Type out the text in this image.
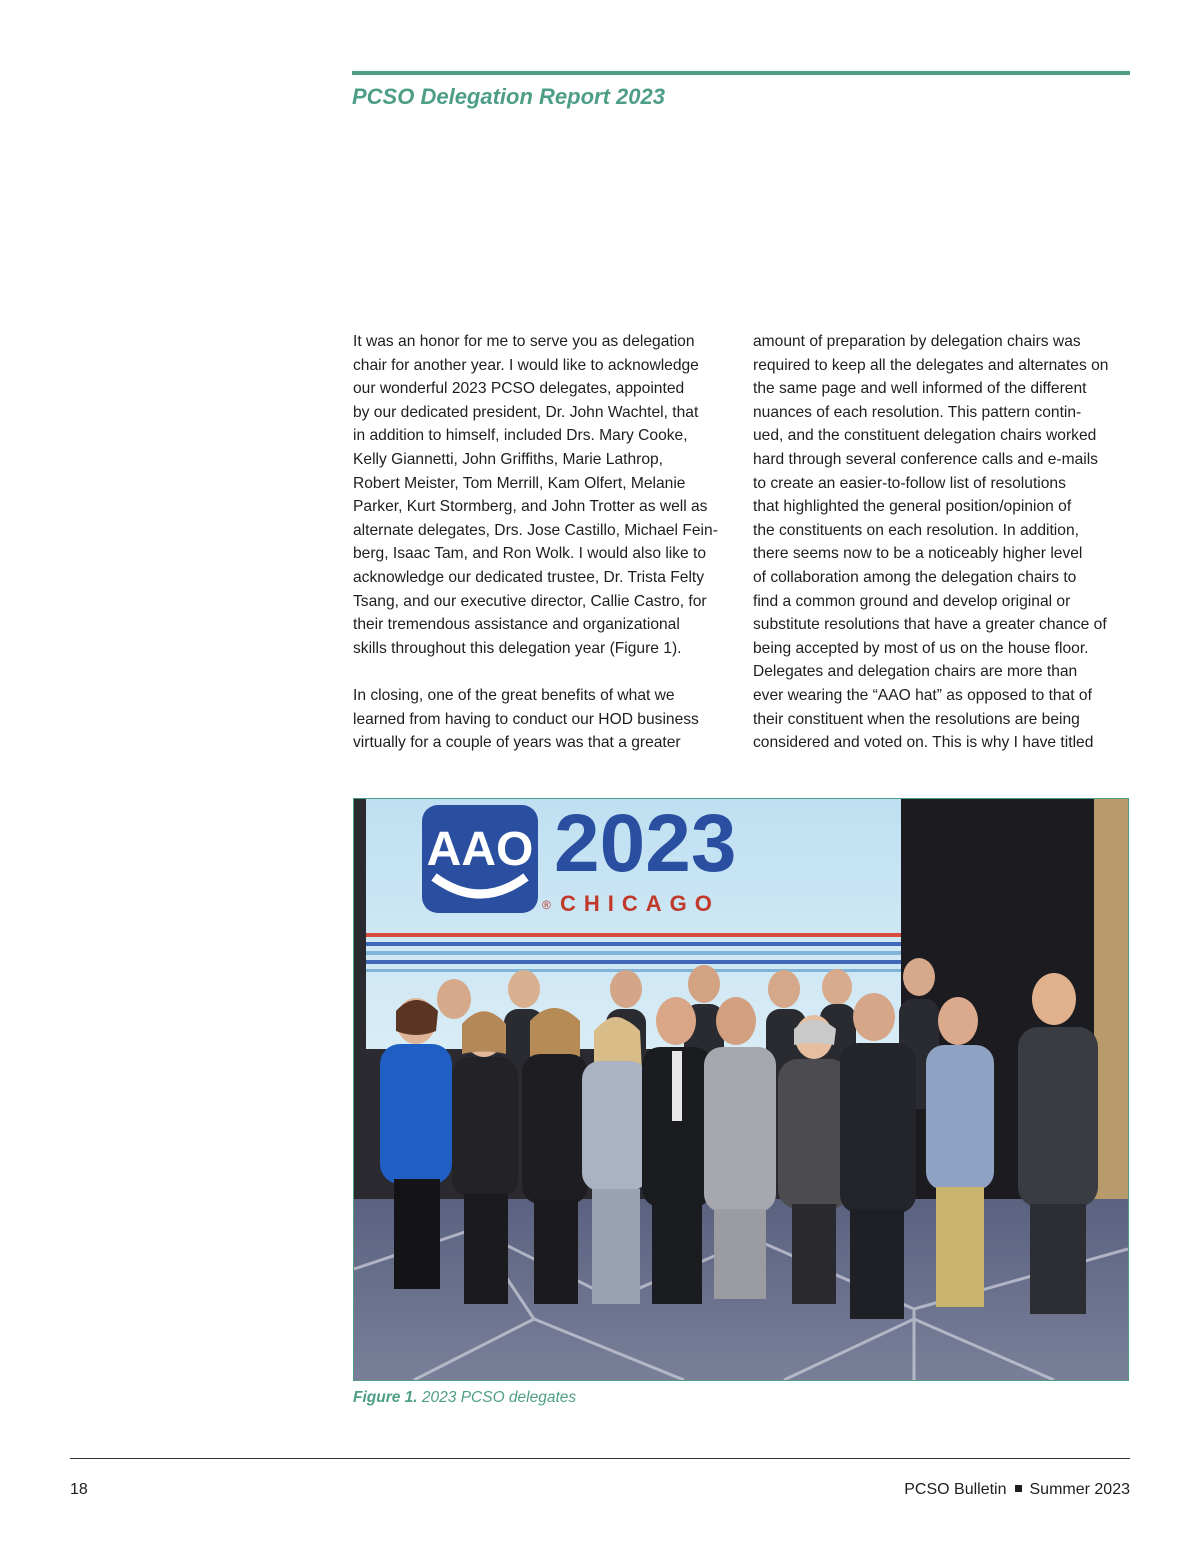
PCSO Delegation Report 2023

It was an honor for me to serve you as delegation
chair for another year. I would like to acknowledge
our wonderful 2023 PCSO delegates, appointed
by our dedicated president, Dr. John Wachtel, that
in addition to himself, included Drs. Mary Cooke,
Kelly Giannetti, John Griffiths, Marie Lathrop,
Robert Meister, Tom Merrill, Kam Olfert, Melanie
Parker, Kurt Stormberg, and John Trotter as well as
alternate delegates, Drs. Jose Castillo, Michael Fein-
berg, Isaac Tam, and Ron Wolk. I would also like to
acknowledge our dedicated trustee, Dr. Trista Felty
Tsang, and our executive director, Callie Castro, for
their tremendous assistance and organizational
skills throughout this delegation year (Figure 1).

In closing, one of the great benefits of what we
learned from having to conduct our HOD business
virtually for a couple of years was that a greater

amount of preparation by delegation chairs was
required to keep all the delegates and alternates on
the same page and well informed of the different
nuances of each resolution. This pattern contin-
ued, and the constituent delegation chairs worked
hard through several conference calls and e-mails
to create an easier-to-follow list of resolutions
that highlighted the general position/opinion of
the constituents on each resolution. In addition,
there seems now to be a noticeably higher level
of collaboration among the delegation chairs to
find a common ground and develop original or
substitute resolutions that have a greater chance of
being accepted by most of us on the house floor.
Delegates and delegation chairs are more than
ever wearing the “AAO hat” as opposed to that of
their constituent when the resolutions are being
considered and voted on. This is why I have titled

AAO 2023
® CHICAGO

Figure 1. 2023 PCSO delegates

18	PCSO Bulletin Summer 2023
